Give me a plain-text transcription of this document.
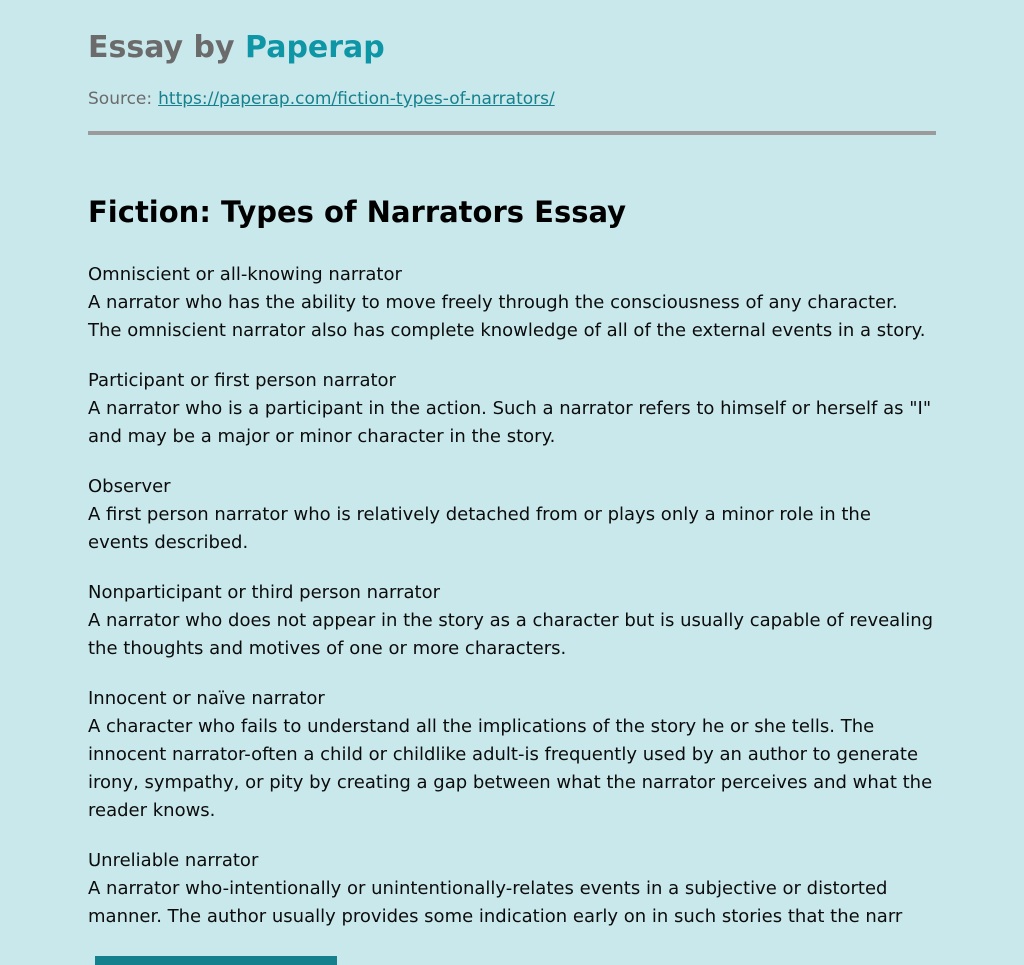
Essay by Paperap
Source: https://paperap.com/fiction-types-of-narrators/
Fiction: Types of Narrators Essay

Omniscient or all-knowing narrator

A narrator who has the ability to move freely through the consciousness of any character. The omniscient narrator also has complete knowledge of all of the external events in a story.

Participant or first person narrator

A narrator who is a participant in the action. Such a narrator refers to himself or herself as "I" and may be a major or minor character in the story.

Observer

A first person narrator who is relatively detached from or plays only a minor role in the events described.

Nonparticipant or third person narrator

A narrator who does not appear in the story as a character but is usually capable of revealing the thoughts and motives of one or more characters.

Innocent or naïve narrator

A character who fails to understand all the implications of the story he or she tells. The innocent narrator-often a child or childlike adult-is frequently used by an author to generate irony, sympathy, or pity by creating a gap between what the narrator perceives and what the reader knows.

Unreliable narrator

A narrator who-intentionally or unintentionally-relates events in a subjective or distorted manner. The author usually provides some indication early on in such stories that the narr
